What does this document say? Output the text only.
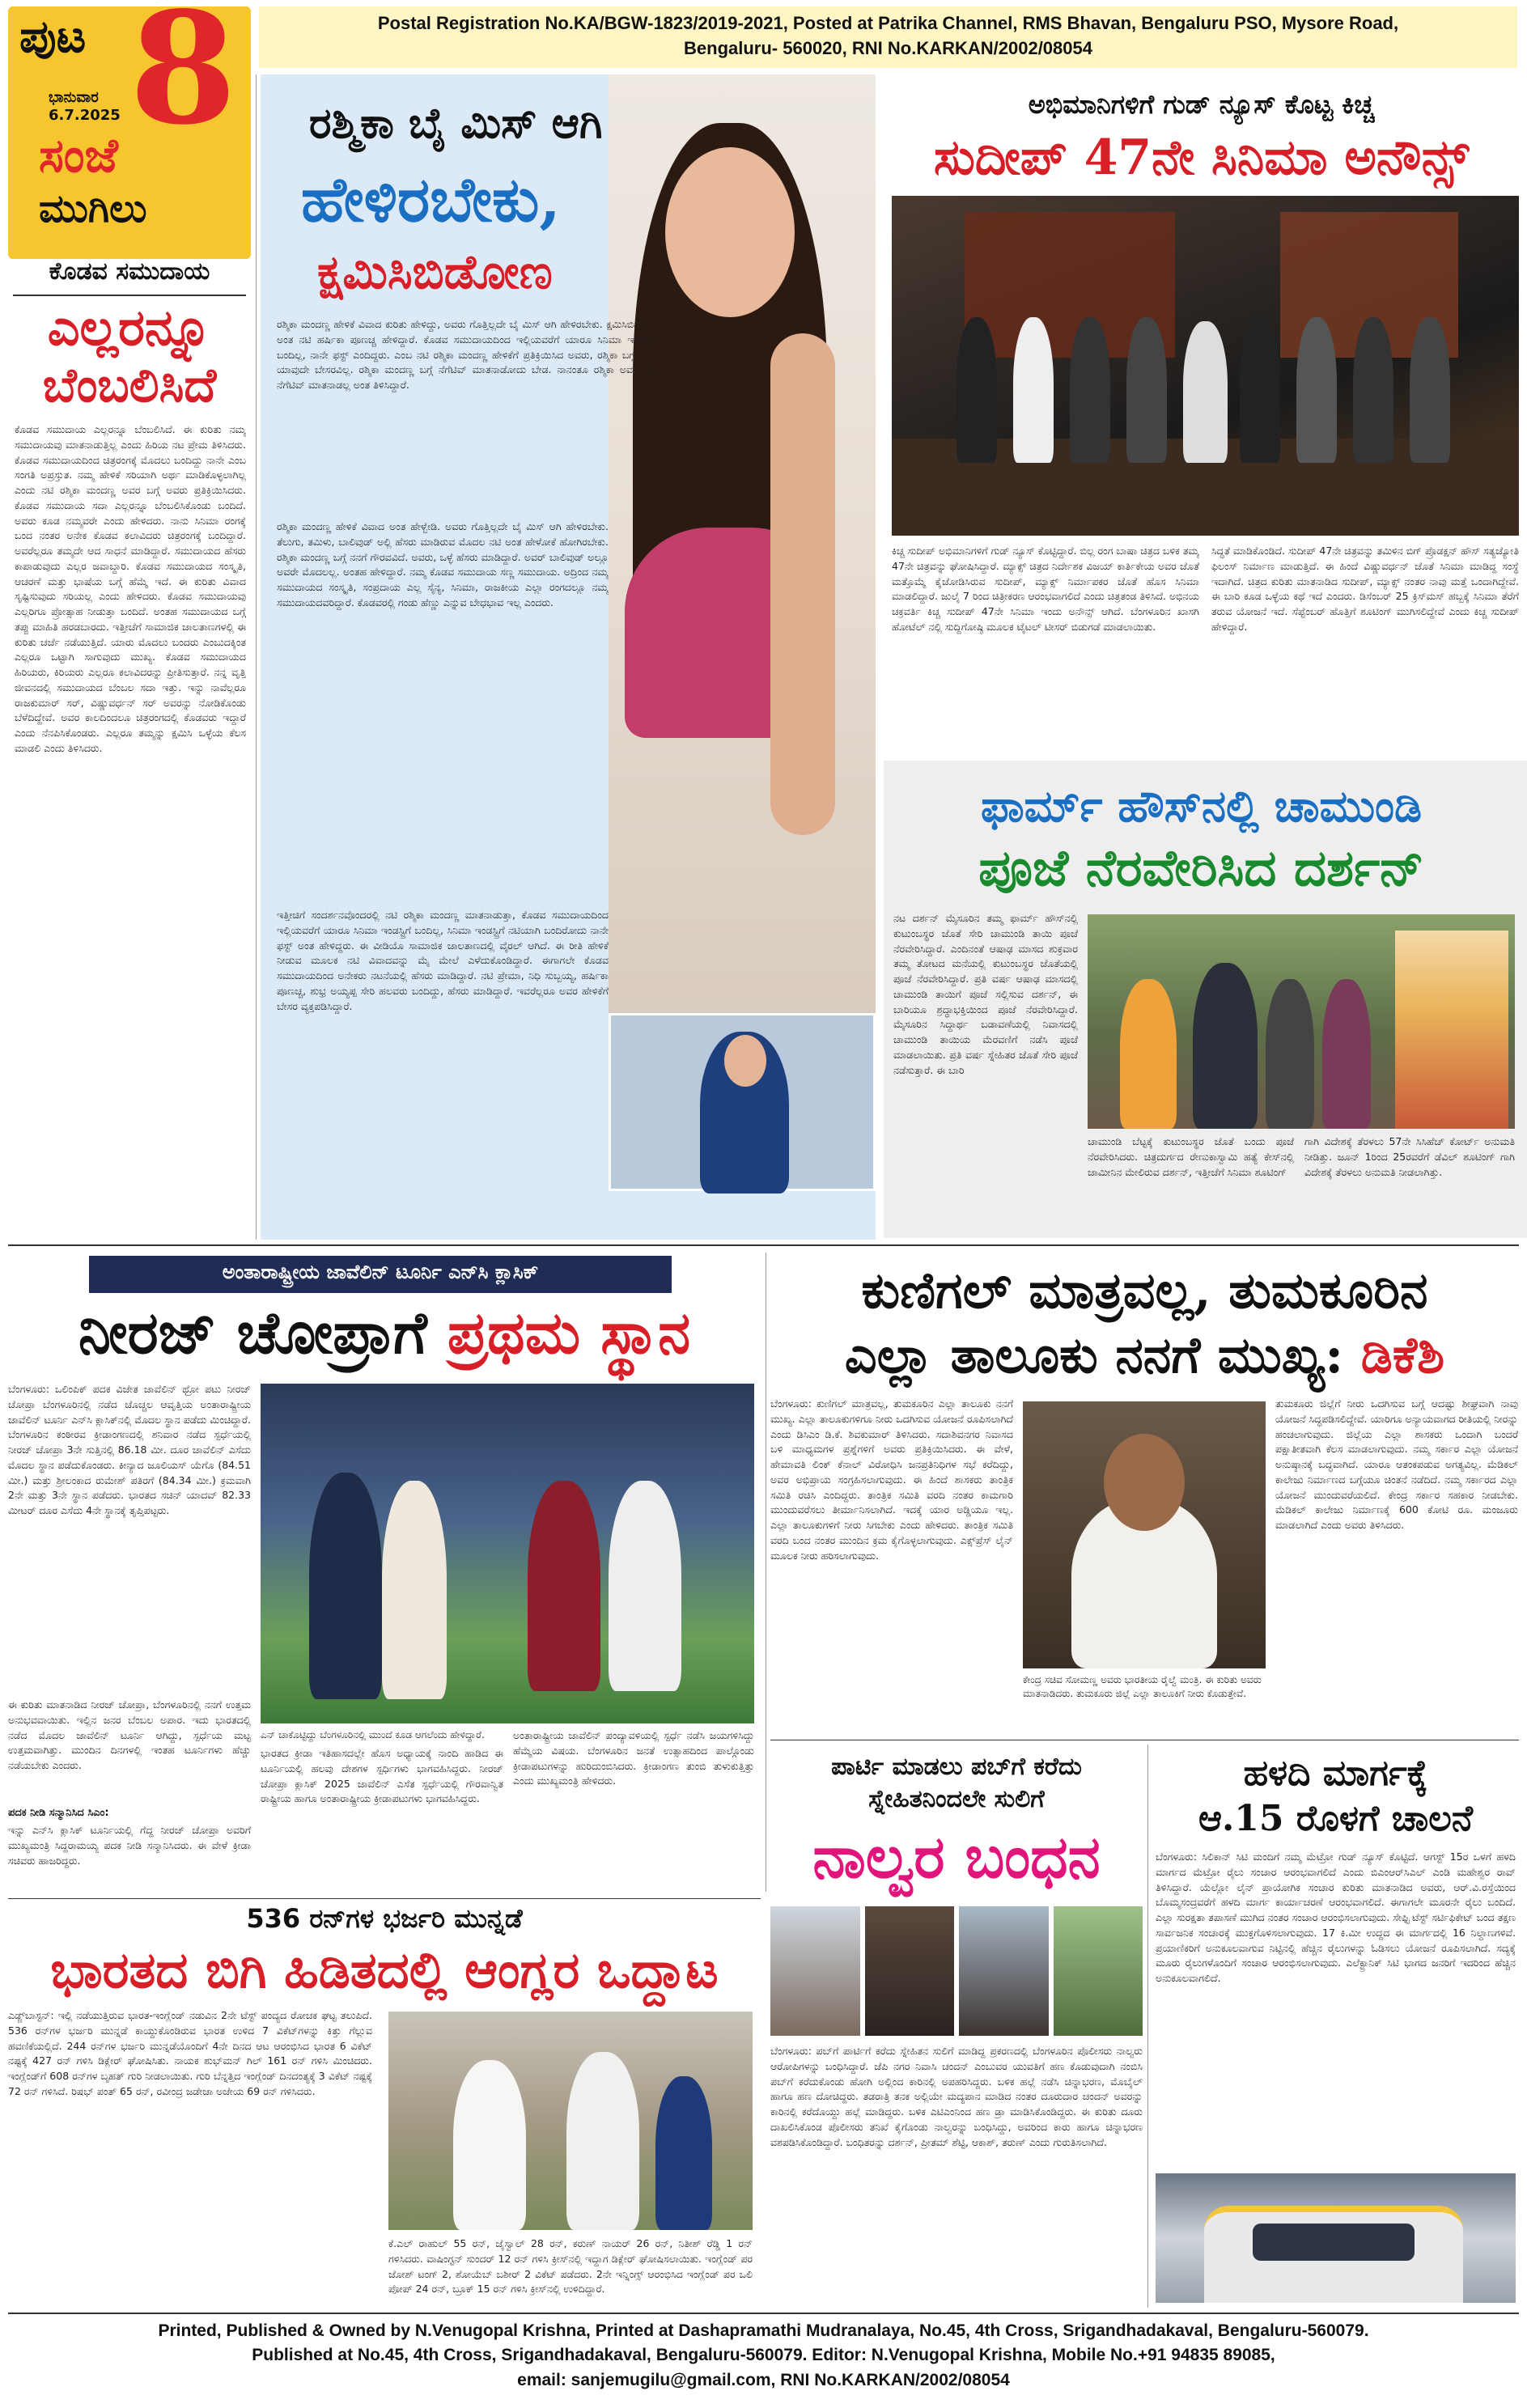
ಪುಟ 8
ಭಾನುವಾರ
6.7.2025
ಸಂಜೆ
ಮುಗಿಲು
Postal Registration No.KA/BGW-1823/2019-2021, Posted at Patrika Channel, RMS Bhavan, Bengaluru PSO, Mysore Road,
Bengaluru- 560020, RNI No.KARKAN/2002/08054
ಕೊಡವ ಸಮುದಾಯ
ಎಲ್ಲರನ್ನೂ
ಬೆಂಬಲಿಸಿದೆ
ಕೊಡವ ಸಮುದಾಯ ಎಲ್ಲರನ್ನೂ ಬೆಂಬಲಿಸಿದೆ. ಈ ಕುರಿತು ನಮ್ಮ ಸಮುದಾಯವು ಮಾತನಾಡುತ್ತಿಲ್ಲ ಎಂದು ಹಿರಿಯ ನಟ ಪ್ರೇಮ ತಿಳಿಸಿದರು. ಕೊಡವ ಸಮುದಾಯದಿಂದ ಚಿತ್ರರಂಗಕ್ಕೆ ಮೊದಲು ಬಂದಿದ್ದು ನಾನೇ ಎಂಬ ಸಂಗತಿ ಅಪ್ರಸ್ತುತ. ನಮ್ಮ ಹೇಳಿಕೆ ಸರಿಯಾಗಿ ಅರ್ಥ ಮಾಡಿಕೊಳ್ಳಲಾಗಿಲ್ಲ ಎಂದು ನಟಿ ರಶ್ಮಿಕಾ ಮಂದಣ್ಣ ಅವರ ಬಗ್ಗೆ ಅವರು ಪ್ರತಿಕ್ರಿಯಿಸಿದರು. ಕೊಡವ ಸಮುದಾಯ ಸದಾ ಎಲ್ಲರನ್ನೂ ಬೆಂಬಲಿಸಿಕೊಂಡು ಬಂದಿದೆ. ಅವರು ಕೂಡ ನಮ್ಮವರೇ ಎಂದು ಹೇಳಿದರು. ನಾನು ಸಿನಿಮಾ ರಂಗಕ್ಕೆ ಬಂದ ನಂತರ ಅನೇಕ ಕೊಡವ ಕಲಾವಿದರು ಚಿತ್ರರಂಗಕ್ಕೆ ಬಂದಿದ್ದಾರೆ. ಅವರೆಲ್ಲರೂ ತಮ್ಮದೇ ಆದ ಸಾಧನೆ ಮಾಡಿದ್ದಾರೆ. ಸಮುದಾಯದ ಹೆಸರು ಕಾಪಾಡುವುದು ಎಲ್ಲರ ಜವಾಬ್ದಾರಿ. ಕೊಡವ ಸಮುದಾಯದ ಸಂಸ್ಕೃತಿ, ಆಚರಣೆ ಮತ್ತು ಭಾಷೆಯ ಬಗ್ಗೆ ಹೆಮ್ಮೆ ಇದೆ. ಈ ಕುರಿತು ವಿವಾದ ಸೃಷ್ಟಿಸುವುದು ಸರಿಯಲ್ಲ ಎಂದು ಹೇಳಿದರು. ಕೊಡವ ಸಮುದಾಯವು ಎಲ್ಲರಿಗೂ ಪ್ರೋತ್ಸಾಹ ನೀಡುತ್ತಾ ಬಂದಿದೆ. ಅಂತಹ ಸಮುದಾಯದ ಬಗ್ಗೆ ತಪ್ಪು ಮಾಹಿತಿ ಹರಡಬಾರದು. ಇತ್ತೀಚೆಗೆ ಸಾಮಾಜಿಕ ಜಾಲತಾಣಗಳಲ್ಲಿ ಈ ಕುರಿತು ಚರ್ಚೆ ನಡೆಯುತ್ತಿದೆ. ಯಾರು ಮೊದಲು ಬಂದರು ಎಂಬುದಕ್ಕಿಂತ ಎಲ್ಲರೂ ಒಟ್ಟಾಗಿ ಸಾಗುವುದು ಮುಖ್ಯ. ಕೊಡವ ಸಮುದಾಯದ ಹಿರಿಯರು, ಕಿರಿಯರು ಎಲ್ಲರೂ ಕಲಾವಿದರನ್ನು ಪ್ರೀತಿಸುತ್ತಾರೆ. ನನ್ನ ವೃತ್ತಿ ಜೀವನದಲ್ಲಿ ಸಮುದಾಯದ ಬೆಂಬಲ ಸದಾ ಇತ್ತು. ಇನ್ನು ನಾವೆಲ್ಲರೂ ರಾಜಕುಮಾರ್ ಸರ್, ವಿಷ್ಣುವರ್ಧನ್ ಸರ್ ಅವರನ್ನು ನೋಡಿಕೊಂಡು ಬೆಳೆದಿದ್ದೇವೆ. ಅವರ ಕಾಲದಿಂದಲೂ ಚಿತ್ರರಂಗದಲ್ಲಿ ಕೊಡವರು ಇದ್ದಾರೆ ಎಂದು ನೆನಪಿಸಿಕೊಂಡರು. ಎಲ್ಲರೂ ತಮ್ಮನ್ನು ಕ್ಷಮಿಸಿ ಒಳ್ಳೆಯ ಕೆಲಸ ಮಾಡಲಿ ಎಂದು ತಿಳಿಸಿದರು.
ರಶ್ಮಿಕಾ ಬೈ ಮಿಸ್ ಆಗಿ
ಹೇಳಿರಬೇಕು,
ಕ್ಷಮಿಸಿಬಿಡೋಣ
ರಶ್ಮಿಕಾ ಮಂದಣ್ಣ ಹೇಳಿಕೆ ವಿವಾದ ಕುರಿತು ಹೇಳಿದ್ದು, ಅವರು ಗೊತ್ತಿಲ್ಲದೇ ಬೈ ಮಿಸ್ ಆಗಿ ಹೇಳಿರಬೇಕು. ಕ್ಷಮಿಸಿಬಿಡೋಣ ಅಂತ ನಟಿ ಹರ್ಷಿಕಾ ಪೂಣಚ್ಚ ಹೇಳಿದ್ದಾರೆ. ಕೊಡವ ಸಮುದಾಯದಿಂದ ಇಲ್ಲಿಯವರೆಗೆ ಯಾರೂ ಸಿನಿಮಾ ಇಂಡಸ್ಟ್ರಿಗೆ ಬಂದಿಲ್ಲ, ನಾನೇ ಫಸ್ಟ್ ಎಂದಿದ್ದರು. ಎಂಬ ನಟಿ ರಶ್ಮಿಕಾ ಮಂದಣ್ಣ ಹೇಳಿಕೆಗೆ ಪ್ರತಿಕ್ರಿಯಿಸಿದ ಅವರು, ರಶ್ಮಿಕಾ ಬಗ್ಗೆ ನನಗೆ ಯಾವುದೇ ಬೇಸರವಿಲ್ಲ. ರಶ್ಮಿಕಾ ಮಂದಣ್ಣ ಬಗ್ಗೆ ನೆಗೆಟಿವ್ ಮಾತನಾಡೋದು ಬೇಡ. ನಾನಂತೂ ರಶ್ಮಿಕಾ ಅವರ ಬಗ್ಗೆ ನೆಗೆಟಿವ್ ಮಾತನಾಡಲ್ಲ ಅಂತ ತಿಳಿಸಿದ್ದಾರೆ.
ರಶ್ಮಿಕಾ ಮಂದಣ್ಣ ಹೇಳಿಕೆ ವಿವಾದ ಅಂತ ಹೇಳ್ಬೇಡಿ. ಅವರು ಗೊತ್ತಿಲ್ಲದೇ ಬೈ ಮಿಸ್ ಆಗಿ ಹೇಳಿರಬೇಕು. ತೆಲುಗು, ತಮಿಳು, ಬಾಲಿವುಡ್ ಅಲ್ಲಿ ಹೆಸರು ಮಾಡಿರುವ ಮೊದಲ ನಟಿ ಅಂತ ಹೇಳೋಕೆ ಹೋಗಿರಬೇಕು. ರಶ್ಮಿಕಾ ಮಂದಣ್ಣ ಬಗ್ಗೆ ನನಗೆ ಗೌರವವಿದೆ. ಅವರು, ಒಳ್ಳೆ ಹೆಸರು ಮಾಡಿದ್ದಾರೆ. ಅವರ್ ಬಾಲಿವುಡ್ ಅಲ್ಲೂ ಅವರೇ ಮೊದಲಲ್ಲ. ಅಂತಹ ಹೇಳಿದ್ದಾರೆ. ನಮ್ಮ ಕೊಡವ ಸಮುದಾಯ ಸಣ್ಣ ಸಮುದಾಯ. ಅದ್ರಿಂದ ನಮ್ಮ ಸಮುದಾಯದ ಸಂಸ್ಕೃತಿ, ಸಂಪ್ರದಾಯ ಎಲ್ಲ ಸೈನ್ಯ, ಸಿನಿಮಾ, ರಾಜಕೀಯ ಎಲ್ಲಾ ರಂಗದಲ್ಲೂ ನಮ್ಮ ಸಮುದಾಯದವರಿದ್ದಾರೆ. ಕೊಡವರಲ್ಲಿ ಗಂಡು ಹೆಣ್ಣು ಎನ್ನುವ ಬೇಧಭಾವ ಇಲ್ಲ ಎಂದರು.
ಇತ್ತೀಚಿಗೆ ಸಂದರ್ಶನವೊಂದರಲ್ಲಿ ನಟಿ ರಶ್ಮಿಕಾ ಮಂದಣ್ಣ ಮಾತನಾಡುತ್ತಾ, ಕೊಡವ ಸಮುದಾಯದಿಂದ ಇಲ್ಲಿಯವರೆಗೆ ಯಾರೂ ಸಿನಿಮಾ ಇಂಡಸ್ಟ್ರಿಗೆ ಬಂದಿಲ್ಲ, ಸಿನಿಮಾ ಇಂಡಸ್ಟ್ರಿಗೆ ನಟಿಯಾಗಿ ಬಂದಿರೋದು ನಾನೇ ಫಸ್ಟ್ ಅಂತ ಹೇಳಿದ್ದರು. ಈ ವೀಡಿಯೊ ಸಾಮಾಜಿಕ ಜಾಲತಾಣದಲ್ಲಿ ವೈರಲ್ ಆಗಿದೆ. ಈ ರೀತಿ ಹೇಳಿಕೆ ನೀಡುವ ಮೂಲಕ ನಟಿ ವಿವಾದವನ್ನು ಮೈ ಮೇಲೆ ಎಳೆದುಕೊಂಡಿದ್ದಾರೆ. ಈಗಾಗಲೇ ಕೊಡವ ಸಮುದಾಯದಿಂದ ಅನೇಕರು ನಟನೆಯಲ್ಲಿ ಹೆಸರು ಮಾಡಿದ್ದಾರೆ. ನಟಿ ಪ್ರೇಮಾ, ನಿಧಿ ಸುಬ್ಬಯ್ಯ, ಹರ್ಷಿಕಾ ಪೂಣಚ್ಚ, ಶುಭ್ರ ಅಯ್ಯಪ್ಪ ಸೇರಿ ಹಲವರು ಬಂದಿದ್ದು, ಹೆಸರು ಮಾಡಿದ್ದಾರೆ. ಇವರೆಲ್ಲರೂ ಅವರ ಹೇಳಿಕೆಗೆ ಬೇಸರ ವ್ಯಕ್ತಪಡಿಸಿದ್ದಾರೆ.
ಅಭಿಮಾನಿಗಳಿಗೆ ಗುಡ್ ನ್ಯೂಸ್ ಕೊಟ್ಟ ಕಿಚ್ಚ
ಸುದೀಪ್ 47ನೇ ಸಿನಿಮಾ ಅನೌನ್ಸ್
ಕಿಚ್ಚ ಸುದೀಪ್ ಅಭಿಮಾನಿಗಳಿಗೆ ಗುಡ್ ನ್ಯೂಸ್ ಕೊಟ್ಟಿದ್ದಾರೆ. ಬಿಲ್ಲ ರಂಗ ಬಾಷಾ ಚಿತ್ರದ ಬಳಿಕ ತಮ್ಮ 47ನೇ ಚಿತ್ರವನ್ನು ಘೋಷಿಸಿದ್ದಾರೆ. ಮ್ಯಾಕ್ಸ್ ಚಿತ್ರದ ನಿರ್ದೇಶಕ ವಿಜಯ್ ಕಾರ್ತಿಕೇಯ ಅವರ ಜೊತೆ ಮತ್ತೊಮ್ಮೆ ಕೈಜೋಡಿಸಿರುವ ಸುದೀಪ್, ಮ್ಯಾಕ್ಸ್ ನಿರ್ಮಾಪಕರ ಜೊತೆ ಹೊಸ ಸಿನಿಮಾ ಮಾಡಲಿದ್ದಾರೆ. ಜುಲೈ 7 ರಿಂದ ಚಿತ್ರೀಕರಣ ಆರಂಭವಾಗಲಿದೆ ಎಂದು ಚಿತ್ರತಂಡ ತಿಳಿಸಿದೆ. ಅಭಿನಯ ಚಕ್ರವರ್ತಿ ಕಿಚ್ಚ ಸುದೀಪ್ 47ನೇ ಸಿನಿಮಾ ಇಂದು ಅನೌನ್ಸ್ ಆಗಿದೆ. ಬೆಂಗಳೂರಿನ ಖಾಸಗಿ ಹೋಟೆಲ್ ನಲ್ಲಿ ಸುದ್ದಿಗೋಷ್ಠಿ ಮೂಲಕ ಟೈಟಲ್ ಟೀಸರ್ ಬಿಡುಗಡೆ ಮಾಡಲಾಯಿತು.
ಸಿದ್ಧತೆ ಮಾಡಿಕೊಂಡಿದೆ. ಸುದೀಪ್ 47ನೇ ಚಿತ್ರವನ್ನು ತಮಿಳಿನ ಬಿಗ್ ಪ್ರೊಡಕ್ಷನ್ ಹೌಸ್ ಸತ್ಯಜ್ಯೋತಿ ಫಿಲಂಸ್ ನಿರ್ಮಾಣ ಮಾಡುತ್ತಿದೆ. ಈ ಹಿಂದೆ ವಿಷ್ಣುವರ್ಧನ್ ಜೊತೆ ಸಿನಿಮಾ ಮಾಡಿದ್ದ ಸಂಸ್ಥೆ ಇದಾಗಿದೆ. ಚಿತ್ರದ ಕುರಿತು ಮಾತನಾಡಿದ ಸುದೀಪ್, ಮ್ಯಾಕ್ಸ್ ನಂತರ ನಾವು ಮತ್ತೆ ಒಂದಾಗಿದ್ದೇವೆ. ಈ ಬಾರಿ ಕೂಡ ಒಳ್ಳೆಯ ಕಥೆ ಇದೆ ಎಂದರು. ಡಿಸೆಂಬರ್ 25 ಕ್ರಿಸ್‌ಮಸ್ ಹಬ್ಬಕ್ಕೆ ಸಿನಿಮಾ ತೆರೆಗೆ ತರುವ ಯೋಜನೆ ಇದೆ. ಸೆಪ್ಟೆಂಬರ್ ಹೊತ್ತಿಗೆ ಶೂಟಿಂಗ್ ಮುಗಿಸಲಿದ್ದೇವೆ ಎಂದು ಕಿಚ್ಚ ಸುದೀಪ್ ಹೇಳಿದ್ದಾರೆ.
ಫಾರ್ಮ್ ಹೌಸ್‌ನಲ್ಲಿ ಚಾಮುಂಡಿ
ಪೂಜೆ ನೆರವೇರಿಸಿದ ದರ್ಶನ್
ನಟ ದರ್ಶನ್ ಮೈಸೂರಿನ ತಮ್ಮ ಫಾರ್ಮ್ ಹೌಸ್‌ನಲ್ಲಿ ಕುಟುಂಬಸ್ಥರ ಜೊತೆ ಸೇರಿ ಚಾಮುಂಡಿ ತಾಯಿ ಪೂಜೆ ನೆರವೇರಿಸಿದ್ದಾರೆ. ಎಂದಿನಂತೆ ಆಷಾಢ ಮಾಸದ ಶುಕ್ರವಾರ ತಮ್ಮ ತೋಟದ ಮನೆಯಲ್ಲಿ ಕುಟುಂಬಸ್ಥರ ಜೊತೆಯಲ್ಲಿ ಪೂಜೆ ನೆರವೇರಿಸಿದ್ದಾರೆ. ಪ್ರತಿ ವರ್ಷ ಆಷಾಢ ಮಾಸದಲ್ಲಿ ಚಾಮುಂಡಿ ತಾಯಿಗೆ ಪೂಜೆ ಸಲ್ಲಿಸುವ ದರ್ಶನ್, ಈ ಬಾರಿಯೂ ಶ್ರದ್ಧಾಭಕ್ತಿಯಿಂದ ಪೂಜೆ ನೆರವೇರಿಸಿದ್ದಾರೆ. ಮೈಸೂರಿನ ಸಿದ್ದಾರ್ಥ ಬಡಾವಣೆಯಲ್ಲಿ ನಿವಾಸದಲ್ಲಿ ಚಾಮುಂಡಿ ತಾಯಿಯ ಮೆರವಣಿಗೆ ನಡೆಸಿ ಪೂಜೆ ಮಾಡಲಾಯಿತು. ಪ್ರತಿ ವರ್ಷ ಸ್ನೇಹಿತರ ಜೊತೆ ಸೇರಿ ಪೂಜೆ ನಡೆಸುತ್ತಾರೆ. ಈ ಬಾರಿ
ಚಾಮುಂಡಿ ಬೆಟ್ಟಕ್ಕೆ ಕುಟುಂಬಸ್ಥರ ಜೊತೆ ಬಂದು ಪೂಜೆ ನೆರವೇರಿಸಿದರು. ಚಿತ್ರದುರ್ಗದ ರೇಣುಕಾಸ್ವಾಮಿ ಹತ್ಯೆ ಕೇಸ್‌ನಲ್ಲಿ ಜಾಮೀನಿನ ಮೇಲಿರುವ ದರ್ಶನ್, ಇತ್ತೀಚೆಗೆ ಸಿನಿಮಾ ಶೂಟಿಂಗ್
ಗಾಗಿ ವಿದೇಶಕ್ಕೆ ತೆರಳಲು 57ನೇ ಸಿಸಿಹೆಚ್ ಕೋರ್ಟ್ ಅನುಮತಿ ನೀಡಿತ್ತು. ಜೂನ್ 1ರಿಂದ 25ರವರೆಗೆ ಡೆವಿಲ್ ಶೂಟಿಂಗ್ ಗಾಗಿ ವಿದೇಶಕ್ಕೆ ತೆರಳಲು ಅನುಮತಿ ನೀಡಲಾಗಿತ್ತು.
ಅಂತಾರಾಷ್ಟ್ರೀಯ ಜಾವೆಲಿನ್ ಟೂರ್ನಿ ಎನ್‌ಸಿ ಕ್ಲಾಸಿಕ್
ನೀರಜ್ ಚೋಪ್ರಾಗೆ ಪ್ರಥಮ ಸ್ಥಾನ
ಬೆಂಗಳೂರು: ಒಲಿಂಪಿಕ್ ಪದಕ ವಿಜೇತ ಜಾವೆಲಿನ್ ಥ್ರೋ ಪಟು ನೀರಜ್ ಚೋಪ್ರಾ ಬೆಂಗಳೂರಿನಲ್ಲಿ ನಡೆದ ಚೊಚ್ಚಲ ಆವೃತ್ತಿಯ ಅಂತಾರಾಷ್ಟ್ರೀಯ ಜಾವೆಲಿನ್ ಟೂರ್ನಿ ಎನ್‌ಸಿ ಕ್ಲಾಸಿಕ್‌ನಲ್ಲಿ ಮೊದಲ ಸ್ಥಾನ ಪಡೆದು ಮಿಂಚಿದ್ದಾರೆ. ಬೆಂಗಳೂರಿನ ಕಂಠೀರವ ಕ್ರೀಡಾಂಗಣದಲ್ಲಿ ಶನಿವಾರ ನಡೆದ ಸ್ಪರ್ಧೆಯಲ್ಲಿ ನೀರಜ್ ಚೋಪ್ರಾ 3ನೇ ಸುತ್ತಿನಲ್ಲಿ 86.18 ಮೀ. ದೂರ ಜಾವೆಲಿನ್ ಎಸೆದು ಮೊದಲ ಸ್ಥಾನ ಪಡೆದುಕೊಂಡರು. ಕೀನ್ಯಾದ ಜೂಲಿಯಸ್ ಯೆಗೊ (84.51 ಮೀ.) ಮತ್ತು ಶ್ರೀಲಂಕಾದ ರುಮೇಶ್ ಪತಿರಗೆ (84.34 ಮೀ.) ಕ್ರಮವಾಗಿ 2ನೇ ಮತ್ತು 3ನೇ ಸ್ಥಾನ ಪಡೆದರು. ಭಾರತದ ಸಚಿನ್ ಯಾದವ್ 82.33 ಮೀಟರ್ ದೂರ ಎಸೆದು 4ನೇ ಸ್ಥಾನಕ್ಕೆ ತೃಪ್ತಿಪಟ್ಟರು.
ಎನ್ ಚಾಕೊಟ್ಟಿದ್ದು ಬೆಂಗಳೂರಿನಲ್ಲಿ ಮುಂದೆ ಕೂಡ ಆಗಲೆಂದು ಹೇಳಿದ್ದಾರೆ.
ಈ ಕುರಿತು ಮಾತನಾಡಿದ ನೀರಜ್ ಚೋಪ್ರಾ, ಬೆಂಗಳೂರಿನಲ್ಲಿ ನನಗೆ ಉತ್ತಮ ಅನುಭವವಾಯಿತು. ಇಲ್ಲಿನ ಜನರ ಬೆಂಬಲ ಅಪಾರ. ಇದು ಭಾರತದಲ್ಲಿ ನಡೆದ ಮೊದಲ ಜಾವೆಲಿನ್ ಟೂರ್ನಿ ಆಗಿದ್ದು, ಸ್ಪರ್ಧೆಯ ಮಟ್ಟ ಉತ್ತಮವಾಗಿತ್ತು. ಮುಂದಿನ ದಿನಗಳಲ್ಲಿ ಇಂತಹ ಟೂರ್ನಿಗಳು ಹೆಚ್ಚು ನಡೆಯಬೇಕು ಎಂದರು.
ಪದಕ ನೀಡಿ ಸನ್ಮಾನಿಸಿದ ಸಿಎಂ:
ಇನ್ನು ಎನ್‌ಸಿ ಕ್ಲಾಸಿಕ್ ಟೂರ್ನಿಯಲ್ಲಿ ಗೆದ್ದ ನೀರಜ್ ಚೋಪ್ರಾ ಅವರಿಗೆ ಮುಖ್ಯಮಂತ್ರಿ ಸಿದ್ದರಾಮಯ್ಯ ಪದಕ ನೀಡಿ ಸನ್ಮಾನಿಸಿದರು. ಈ ವೇಳೆ ಕ್ರೀಡಾ ಸಚಿವರು ಹಾಜರಿದ್ದರು.
ಭಾರತದ ಕ್ರೀಡಾ ಇತಿಹಾಸದಲ್ಲೇ ಹೊಸ ಅಧ್ಯಾಯಕ್ಕೆ ನಾಂದಿ ಹಾಡಿದ ಈ ಟೂರ್ನಿಯಲ್ಲಿ ಹಲವು ದೇಶಗಳ ಸ್ಪರ್ಧಿಗಳು ಭಾಗವಹಿಸಿದ್ದರು. ನೀರಜ್ ಚೋಪ್ರಾ ಕ್ಲಾಸಿಕ್ 2025 ಜಾವೆಲಿನ್ ಎಸೆತ ಸ್ಪರ್ಧೆಯಲ್ಲಿ ಗೌರವಾನ್ವಿತ ರಾಷ್ಟ್ರೀಯ ಹಾಗೂ ಅಂತಾರಾಷ್ಟ್ರೀಯ ಕ್ರೀಡಾಪಟುಗಳು ಭಾಗವಹಿಸಿದ್ದರು.
ಅಂತಾರಾಷ್ಟ್ರೀಯ ಜಾವೆಲಿನ್ ಪಂದ್ಯಾವಳಿಯಲ್ಲಿ ಸ್ಪರ್ಧೆ ನಡೆಸಿ ಜಯಗಳಿಸಿದ್ದು ಹೆಮ್ಮೆಯ ವಿಷಯ. ಬೆಂಗಳೂರಿನ ಜನತೆ ಉತ್ಸಾಹದಿಂದ ಪಾಲ್ಗೊಂಡು ಕ್ರೀಡಾಪಟುಗಳನ್ನು ಹುರಿದುಂಬಿಸಿದರು. ಕ್ರೀಡಾಂಗಣ ತುಂಬಿ ತುಳುಕುತ್ತಿತ್ತು ಎಂದು ಮುಖ್ಯಮಂತ್ರಿ ಹೇಳಿದರು.
ಕುಣಿಗಲ್ ಮಾತ್ರವಲ್ಲ, ತುಮಕೂರಿನ
ಎಲ್ಲಾ ತಾಲೂಕು ನನಗೆ ಮುಖ್ಯ: ಡಿಕೆಶಿ
ಬೆಂಗಳೂರು: ಕುಣಿಗಲ್ ಮಾತ್ರವಲ್ಲ, ತುಮಕೂರಿನ ಎಲ್ಲಾ ತಾಲೂಕು ನನಗೆ ಮುಖ್ಯ. ಎಲ್ಲಾ ತಾಲೂಕುಗಳಿಗೂ ನೀರು ಒದಗಿಸುವ ಯೋಜನೆ ರೂಪಿಸಲಾಗಿದೆ ಎಂದು ಡಿಸಿಎಂ ಡಿ.ಕೆ. ಶಿವಕುಮಾರ್ ತಿಳಿಸಿದರು. ಸದಾಶಿವನಗರ ನಿವಾಸದ ಬಳಿ ಮಾಧ್ಯಮಗಳ ಪ್ರಶ್ನೆಗಳಿಗೆ ಅವರು ಪ್ರತಿಕ್ರಿಯಿಸಿದರು. ಈ ವೇಳೆ, ಹೇಮಾವತಿ ಲಿಂಕ್ ಕೆನಾಲ್ ವಿರೋಧಿಸಿ ಜನಪ್ರತಿನಿಧಿಗಳ ಸಭೆ ಕರೆದಿದ್ದು, ಅವರ ಅಭಿಪ್ರಾಯ ಸಂಗ್ರಹಿಸಲಾಗುವುದು. ಈ ಹಿಂದೆ ಶಾಸಕರು ತಾಂತ್ರಿಕ ಸಮಿತಿ ರಚಿಸಿ ಎಂದಿದ್ದರು. ತಾಂತ್ರಿಕ ಸಮಿತಿ ವರದಿ ನಂತರ ಕಾಮಗಾರಿ ಮುಂದುವರೆಸಲು ತೀರ್ಮಾನಿಸಲಾಗಿದೆ. ಇದಕ್ಕೆ ಯಾರ ಅಡ್ಡಿಯೂ ಇಲ್ಲ. ಎಲ್ಲಾ ತಾಲೂಕುಗಳಿಗೆ ನೀರು ಸಿಗಬೇಕು ಎಂದು ಹೇಳಿದರು. ತಾಂತ್ರಿಕ ಸಮಿತಿ ವರದಿ ಬಂದ ನಂತರ ಮುಂದಿನ ಕ್ರಮ ಕೈಗೊಳ್ಳಲಾಗುವುದು. ಎಕ್ಸ್‌ಪ್ರೆಸ್ ಲೈನ್ ಮೂಲಕ ನೀರು ಹರಿಸಲಾಗುವುದು.
ಕೇಂದ್ರ ಸಚಿವ ಸೋಮಣ್ಣ ಅವರು ಭಾರತೀಯ ರೈಲ್ವೆ ಮಂತ್ರಿ. ಈ ಕುರಿತು ಅವರು ಮಾತನಾಡಿದರು. ತುಮಕೂರು ಜಿಲ್ಲೆ ಎಲ್ಲಾ ತಾಲೂಕಿಗೆ ನೀರು ಕೊಡುತ್ತೇವೆ.
ತುಮಕೂರು ಜಿಲ್ಲೆಗೆ ನೀರು ಒದಗಿಸುವ ಬಗ್ಗೆ ಆದಷ್ಟು ಶೀಘ್ರವಾಗಿ ನಾವು ಯೋಜನೆ ಸಿದ್ಧಪಡಿಸಲಿದ್ದೇವೆ. ಯಾರಿಗೂ ಅನ್ಯಾಯವಾಗದ ರೀತಿಯಲ್ಲಿ ನೀರನ್ನು ಹಂಚಲಾಗುವುದು. ಜಿಲ್ಲೆಯ ಎಲ್ಲಾ ಶಾಸಕರು ಒಂದಾಗಿ ಬಂದರೆ ಪಕ್ಷಾತೀತವಾಗಿ ಕೆಲಸ ಮಾಡಲಾಗುವುದು. ನಮ್ಮ ಸರ್ಕಾರ ಎಲ್ಲಾ ಯೋಜನೆ ಅನುಷ್ಠಾನಕ್ಕೆ ಬದ್ಧವಾಗಿದೆ. ಯಾರೂ ಆತಂಕಪಡುವ ಅಗತ್ಯವಿಲ್ಲ. ಮೆಡಿಕಲ್ ಕಾಲೇಜು ನಿರ್ಮಾಣದ ಬಗ್ಗೆಯೂ ಚಿಂತನೆ ನಡೆದಿದೆ. ನಮ್ಮ ಸರ್ಕಾರದ ಎಲ್ಲಾ ಯೋಜನೆ ಮುಂದುವರೆಯಲಿದೆ. ಕೇಂದ್ರ ಸರ್ಕಾರ ಸಹಕಾರ ನೀಡಬೇಕು. ಮೆಡಿಕಲ್ ಕಾಲೇಜು ನಿರ್ಮಾಣಕ್ಕೆ 600 ಕೋಟಿ ರೂ. ಮಂಜೂರು ಮಾಡಲಾಗಿದೆ ಎಂದು ಅವರು ತಿಳಿಸಿದರು.
ಪಾರ್ಟಿ ಮಾಡಲು ಪಬ್‌ಗೆ ಕರೆದು
ಸ್ನೇಹಿತನಿಂದಲೇ ಸುಲಿಗೆ
ನಾಲ್ವರ ಬಂಧನ
ಬೆಂಗಳೂರು: ಪಬ್‌ಗೆ ಪಾರ್ಟಿಗೆ ಕರೆದು ಸ್ನೇಹಿತನ ಸುಲಿಗೆ ಮಾಡಿದ್ದ ಪ್ರಕರಣದಲ್ಲಿ ಬೆಂಗಳೂರಿನ ಪೊಲೀಸರು ನಾಲ್ವರು ಆರೋಪಿಗಳನ್ನು ಬಂಧಿಸಿದ್ದಾರೆ. ಜೆಪಿ ನಗರ ನಿವಾಸಿ ಚಂದನ್ ಎಂಬುವರ ಯುವತಿಗೆ ಹಣ ಕೊಡುವುದಾಗಿ ನಂಬಿಸಿ ಪಬ್‌ಗೆ ಕರೆದುಕೊಂಡು ಹೋಗಿ ಅಲ್ಲಿಂದ ಕಾರಿನಲ್ಲಿ ಅಪಹರಿಸಿದ್ದರು. ಬಳಿಕ ಹಲ್ಲೆ ನಡೆಸಿ ಚಿನ್ನಾಭರಣ, ಮೊಬೈಲ್ ಹಾಗೂ ಹಣ ದೋಚಿದ್ದರು. ತಡರಾತ್ರಿ ತನಕ ಅಲ್ಲಿಯೇ ಮದ್ಯಪಾನ ಮಾಡಿದ ನಂತರ ದೂರುದಾರ ಚಂದನ್ ಅವರನ್ನು ಕಾರಿನಲ್ಲಿ ಕರೆದೊಯ್ದು ಹಲ್ಲೆ ಮಾಡಿದ್ದರು. ಬಳಿಕ ಎಟಿಎಂನಿಂದ ಹಣ ಡ್ರಾ ಮಾಡಿಸಿಕೊಂಡಿದ್ದರು. ಈ ಕುರಿತು ದೂರು ದಾಖಲಿಸಿಕೊಂಡ ಪೊಲೀಸರು ತನಿಖೆ ಕೈಗೊಂಡು ನಾಲ್ವರನ್ನು ಬಂಧಿಸಿದ್ದು, ಅವರಿಂದ ಕಾರು ಹಾಗೂ ಚಿನ್ನಾಭರಣ ವಶಪಡಿಸಿಕೊಂಡಿದ್ದಾರೆ. ಬಂಧಿತರನ್ನು ದರ್ಶನ್, ಪ್ರೀತಮ್ ಶೆಟ್ಟಿ, ಆಕಾಶ್, ತರುಣ್ ಎಂದು ಗುರುತಿಸಲಾಗಿದೆ.
ಹಳದಿ ಮಾರ್ಗಕ್ಕೆ
ಆ.15 ರೊಳಗೆ ಚಾಲನೆ
ಬೆಂಗಳೂರು: ಸಿಲಿಕಾನ್ ಸಿಟಿ ಮಂದಿಗೆ ನಮ್ಮ ಮೆಟ್ರೋ ಗುಡ್ ನ್ಯೂಸ್ ಕೊಟ್ಟಿದೆ. ಆಗಸ್ಟ್ 15ರ ಒಳಗೆ ಹಳದಿ ಮಾರ್ಗದ ಮೆಟ್ರೋ ರೈಲು ಸಂಚಾರ ಆರಂಭವಾಗಲಿದೆ ಎಂದು ಬಿಎಂಆರ್‌ಸಿಎಲ್ ಎಂಡಿ ಮಹೇಶ್ವರ ರಾವ್ ತಿಳಿಸಿದ್ದಾರೆ. ಯೆಲ್ಲೋ ಲೈನ್ ಪ್ರಾಯೋಗಿಕ ಸಂಚಾರ ಕುರಿತು ಮಾತನಾಡಿದ ಅವರು, ಆರ್.ವಿ.ರಸ್ತೆಯಿಂದ ಬೊಮ್ಮಸಂದ್ರವರೆಗೆ ಹಳದಿ ಮಾರ್ಗ ಕಾರ್ಯಾಚರಣೆ ಆರಂಭವಾಗಲಿದೆ. ಈಗಾಗಲೇ ಮೂರನೇ ರೈಲು ಬಂದಿದೆ. ಎಲ್ಲಾ ಸುರಕ್ಷತಾ ತಪಾಸಣೆ ಮುಗಿದ ನಂತರ ಸಂಚಾರ ಆರಂಭಿಸಲಾಗುವುದು. ಸೇಫ್ಟಿ ಟೆಸ್ಟ್ ಸರ್ಟಿಫಿಕೇಟ್ ಬಂದ ತಕ್ಷಣ ಸಾರ್ವಜನಿಕ ಸಂಚಾರಕ್ಕೆ ಮುಕ್ತಗೊಳಿಸಲಾಗುವುದು. 17 ಕಿ.ಮೀ ಉದ್ದದ ಈ ಮಾರ್ಗದಲ್ಲಿ 16 ನಿಲ್ದಾಣಗಳಿವೆ. ಪ್ರಯಾಣಿಕರಿಗೆ ಅನುಕೂಲವಾಗುವ ನಿಟ್ಟಿನಲ್ಲಿ ಹೆಚ್ಚಿನ ರೈಲುಗಳನ್ನು ಓಡಿಸಲು ಯೋಜನೆ ರೂಪಿಸಲಾಗಿದೆ. ಸದ್ಯಕ್ಕೆ ಮೂರು ರೈಲುಗಳೊಂದಿಗೆ ಸಂಚಾರ ಆರಂಭಿಸಲಾಗುವುದು. ಎಲೆಕ್ಟ್ರಾನಿಕ್ ಸಿಟಿ ಭಾಗದ ಜನರಿಗೆ ಇದರಿಂದ ಹೆಚ್ಚಿನ ಅನುಕೂಲವಾಗಲಿದೆ.
536 ರನ್‌ಗಳ ಭರ್ಜರಿ ಮುನ್ನಡೆ
ಭಾರತದ ಬಿಗಿ ಹಿಡಿತದಲ್ಲಿ ಆಂಗ್ಲರ ಒದ್ದಾಟ
ಎಡ್ಜ್‌ಬಾಸ್ಟನ್: ಇಲ್ಲಿ ನಡೆಯುತ್ತಿರುವ ಭಾರತ-ಇಂಗ್ಲೆಂಡ್ ನಡುವಿನ 2ನೇ ಟೆಸ್ಟ್ ಪಂದ್ಯದ ರೋಚಕ ಘಟ್ಟ ತಲುಪಿದೆ. 536 ರನ್‌ಗಳ ಭರ್ಜರಿ ಮುನ್ನಡೆ ಕಾಯ್ದುಕೊಂಡಿರುವ ಭಾರತ ಉಳಿದ 7 ವಿಕೆಟ್‌ಗಳನ್ನು ಕಿತ್ತು ಗೆಲ್ಲುವ ಹವಣಿಕೆಯಲ್ಲಿದೆ. 244 ರನ್‌ಗಳ ಭರ್ಜರಿ ಮುನ್ನಡೆಯೊಂದಿಗೆ 4ನೇ ದಿನದ ಆಟ ಆರಂಭಿಸಿದ ಭಾರತ 6 ವಿಕೆಟ್ ನಷ್ಟಕ್ಕೆ 427 ರನ್ ಗಳಿಸಿ ಡಿಕ್ಲೇರ್ ಘೋಷಿಸಿತು. ನಾಯಕ ಶುಭ್‌ಮನ್ ಗಿಲ್ 161 ರನ್ ಗಳಿಸಿ ಮಿಂಚಿದರು. ಇಂಗ್ಲೆಂಡ್‌ಗೆ 608 ರನ್‌ಗಳ ಬೃಹತ್ ಗುರಿ ನೀಡಲಾಯಿತು. ಗುರಿ ಬೆನ್ನತ್ತಿದ ಇಂಗ್ಲೆಂಡ್ ದಿನದಂತ್ಯಕ್ಕೆ 3 ವಿಕೆಟ್ ನಷ್ಟಕ್ಕೆ 72 ರನ್ ಗಳಿಸಿದೆ. ರಿಷಭ್ ಪಂತ್ 65 ರನ್, ರವೀಂದ್ರ ಜಡೇಜಾ ಅಜೇಯ 69 ರನ್ ಗಳಿಸಿದರು.
ಕೆ.ಎಲ್ ರಾಹುಲ್ 55 ರನ್, ಜೈಸ್ವಾಲ್ 28 ರನ್, ಕರುಣ್ ನಾಯರ್ 26 ರನ್, ನಿತೀಶ್ ರೆಡ್ಡಿ 1 ರನ್ ಗಳಿಸಿದರು. ವಾಷಿಂಗ್ಟನ್ ಸುಂದರ್ 12 ರನ್ ಗಳಿಸಿ ಕ್ರೀಸ್‌ನಲ್ಲಿ ಇದ್ದಾಗ ಡಿಕ್ಲೇರ್ ಘೋಷಿಸಲಾಯಿತು. ಇಂಗ್ಲೆಂಡ್ ಪರ ಜೋಶ್ ಟಂಗ್ 2, ಶೋಯೆಬ್ ಬಶೀರ್ 2 ವಿಕೆಟ್ ಪಡೆದರು. 2ನೇ ಇನ್ನಿಂಗ್ಸ್ ಆರಂಭಿಸಿದ ಇಂಗ್ಲೆಂಡ್ ಪರ ಒಲಿ ಪೋಪ್ 24 ರನ್, ಬ್ರೂಕ್ 15 ರನ್ ಗಳಿಸಿ ಕ್ರೀಸ್‌ನಲ್ಲಿ ಉಳಿದಿದ್ದಾರೆ.
Printed, Published & Owned by N.Venugopal Krishna, Printed at Dashapramathi Mudranalaya, No.45, 4th Cross, Srigandhadakaval, Bengaluru-560079.
Published at No.45, 4th Cross, Srigandhadakaval, Bengaluru-560079. Editor: N.Venugopal Krishna, Mobile No.+91 94835 89085,
email: sanjemugilu@gmail.com, RNI No.KARKAN/2002/08054
